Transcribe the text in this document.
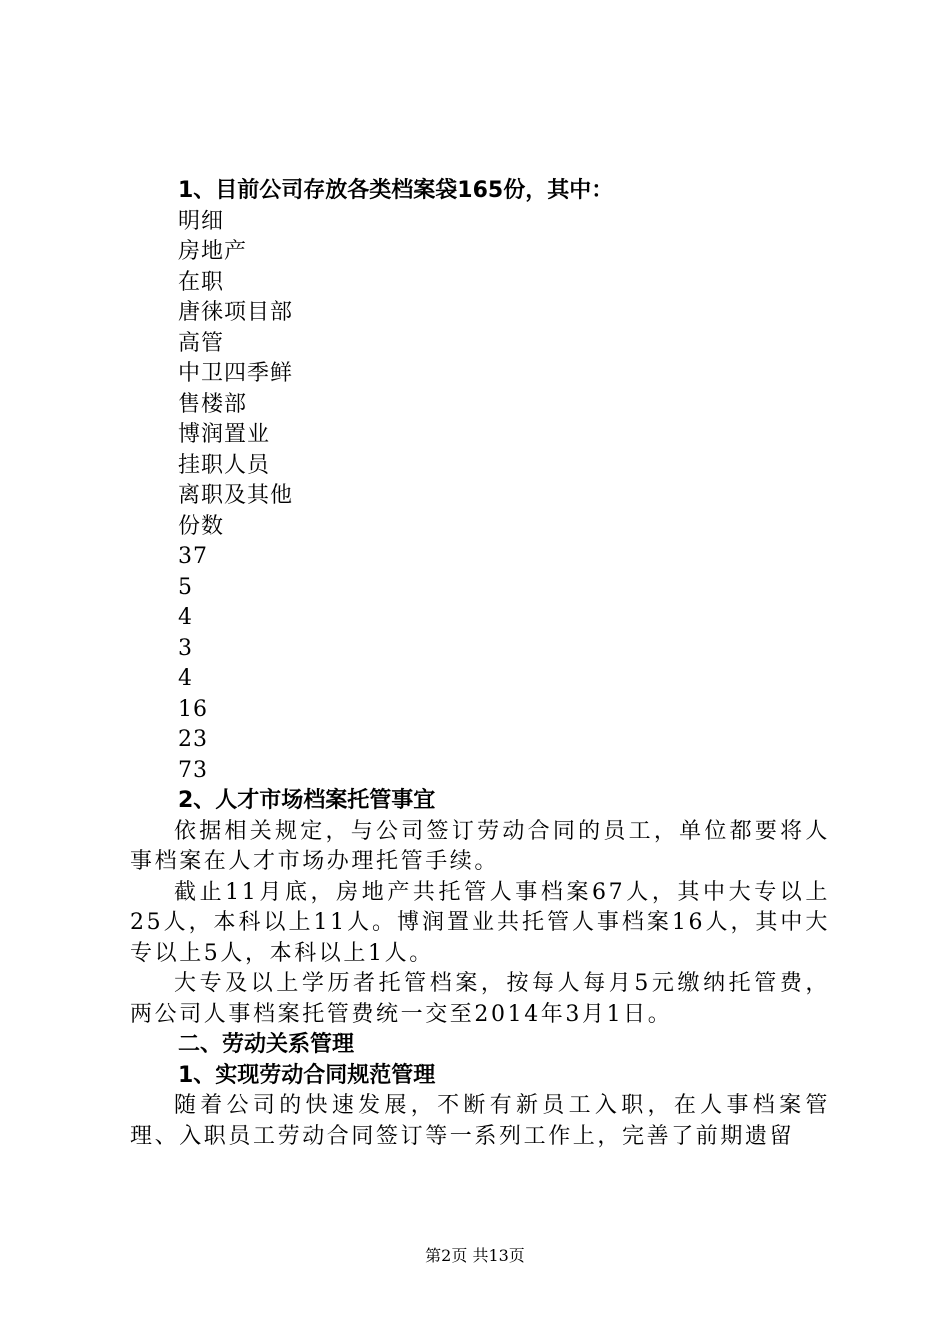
1、目前公司存放各类档案袋165份，其中：
明细
房地产
在职
唐徕项目部
高管
中卫四季鲜
售楼部
博润置业
挂职人员
离职及其他
份数
37
5
4
3
4
16
23
73
2、人才市场档案托管事宜
依据相关规定，与公司签订劳动合同的员工，单位都要将人事档案在人才市场办理托管手续。
截止11月底，房地产共托管人事档案67人，其中大专以上25人，本科以上11人。博润置业共托管人事档案16人，其中大专以上5人，本科以上1人。
大专及以上学历者托管档案，按每人每月5元缴纳托管费，两公司人事档案托管费统一交至2014年3月1日。
二、劳动关系管理
1、实现劳动合同规范管理
随着公司的快速发展，不断有新员工入职，在人事档案管理、入职员工劳动合同签订等一系列工作上，完善了前期遗留
第2页 共13页
